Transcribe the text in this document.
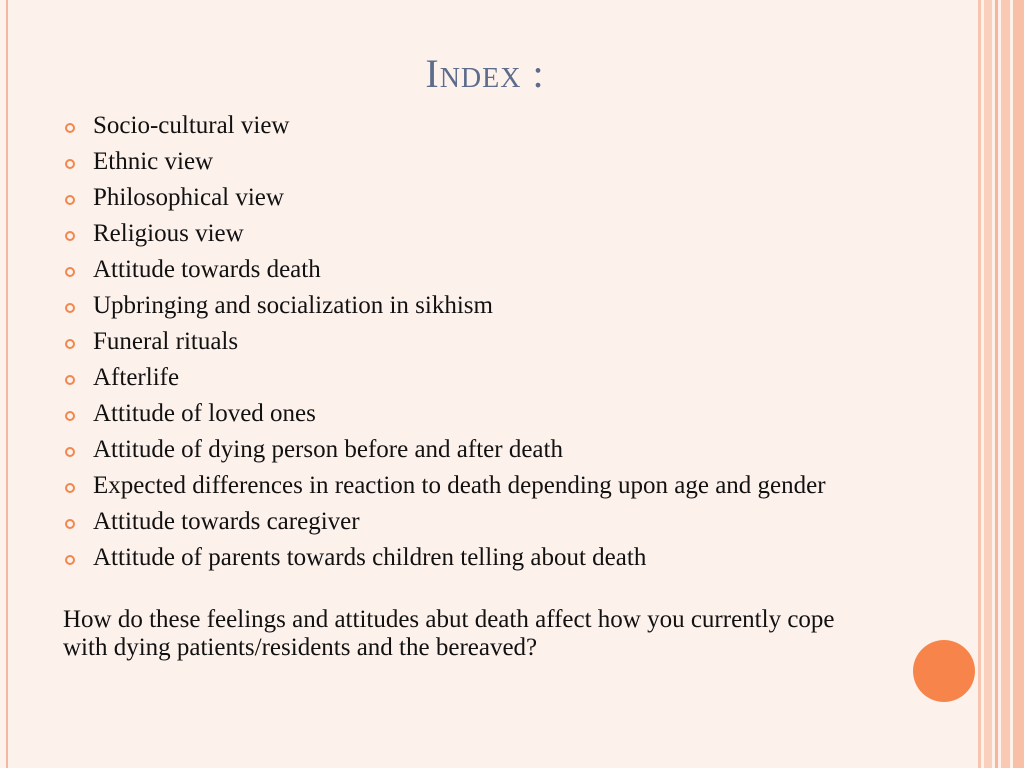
Index :
Socio-cultural view
Ethnic view
Philosophical view
Religious view
Attitude towards death
Upbringing and socialization in sikhism
Funeral rituals
Afterlife
Attitude of loved ones
Attitude of dying person before and after death
Expected differences in reaction to death depending upon age and gender
Attitude towards caregiver
Attitude of parents towards children telling about death

How do these feelings and attitudes abut death affect how you currently cope with dying patients/residents and the bereaved?
